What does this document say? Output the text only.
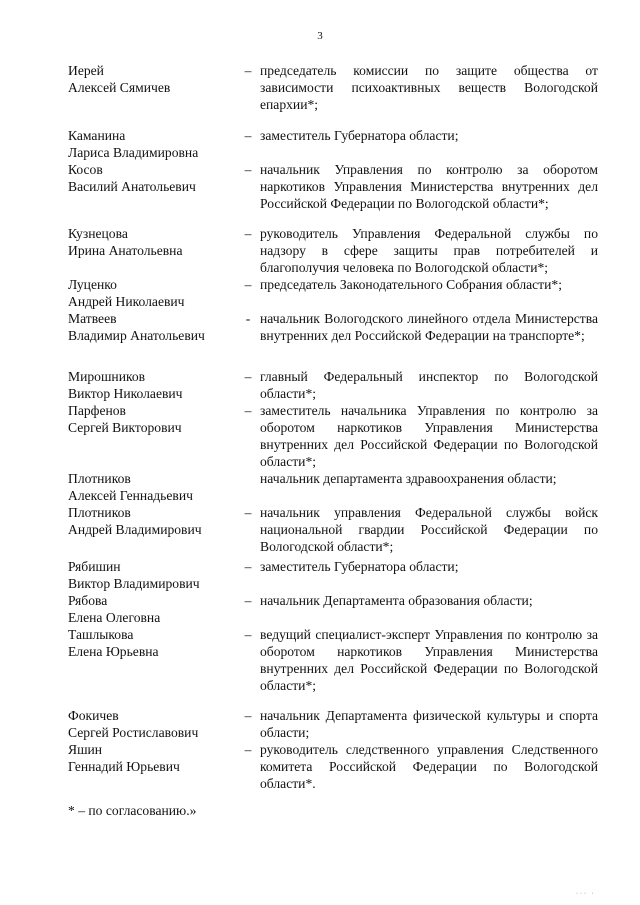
3
Иерей
Алексей Сямичев
– председатель комиссии по защите общества от зависимости психоактивных веществ Вологодской епархии*;
Каманина
Лариса Владимировна
– заместитель Губернатора области;
Косов
Василий Анатольевич
– начальник Управления по контролю за оборотом наркотиков Управления Министерства внутренних дел Российской Федерации по Вологодской области*;
Кузнецова
Ирина Анатольевна
– руководитель Управления Федеральной службы по надзору в сфере защиты прав потребителей и благополучия человека по Вологодской области*;
Луценко
Андрей Николаевич
– председатель Законодательного Собрания области*;
Матвеев
Владимир Анатольевич
- начальник Вологодского линейного отдела Министерства внутренних дел Российской Федерации на транспорте*;
Мирошников
Виктор Николаевич
– главный Федеральный инспектор по Вологодской области*;
Парфенов
Сергей Викторович
– заместитель начальника Управления по контролю за оборотом наркотиков Управления Министерства внутренних дел Российской Федерации по Вологодской области*;
Плотников
Алексей Геннадьевич
начальник департамента здравоохранения области;
Плотников
Андрей Владимирович
– начальник управления Федеральной службы войск национальной гвардии Российской Федерации по Вологодской области*;
Рябишин
Виктор Владимирович
– заместитель Губернатора области;
Рябова
Елена Олеговна
– начальник Департамента образования области;
Ташлыкова
Елена Юрьевна
– ведущий специалист-эксперт Управления по контролю за оборотом наркотиков Управления Министерства внутренних дел Российской Федерации по Вологодской области*;
Фокичев
Сергей Ростиславович
– начальник Департамента физической культуры и спорта области;
Яшин
Геннадий Юрьевич
– руководитель следственного управления Следственного комитета Российской Федерации по Вологодской области*.
* – по согласованию.»
··· ·
